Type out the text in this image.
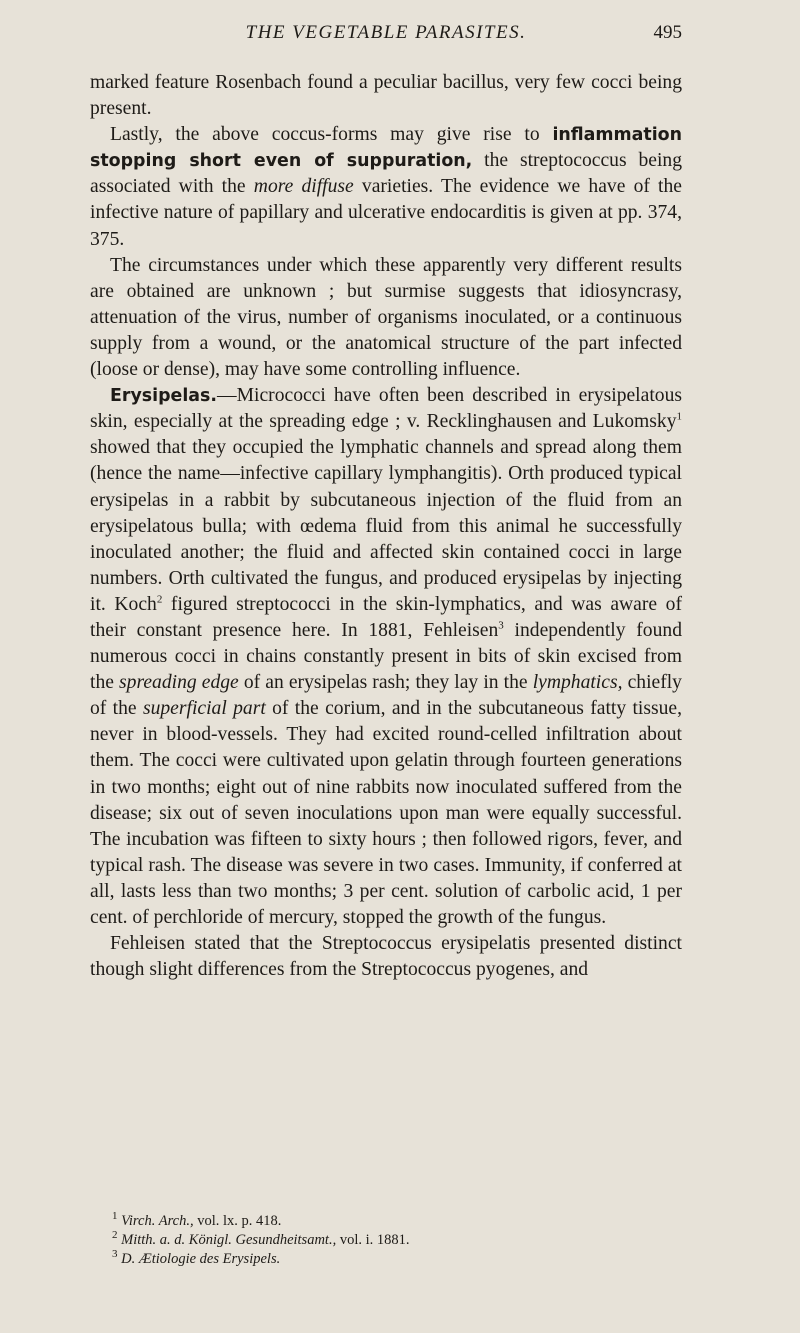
THE VEGETABLE PARASITES.	495

marked feature Rosenbach found a peculiar bacillus, very few cocci being present.

Lastly, the above coccus-forms may give rise to inflammation stopping short even of suppuration, the streptococcus being associated with the more diffuse varieties. The evidence we have of the infective nature of papillary and ulcerative endocarditis is given at pp. 374, 375.

The circumstances under which these apparently very different results are obtained are unknown ; but surmise suggests that idiosyncrasy, attenuation of the virus, number of organisms inoculated, or a continuous supply from a wound, or the anatomical structure of the part infected (loose or dense), may have some controlling influence.

Erysipelas.—Micrococci have often been described in erysipelatous skin, especially at the spreading edge ; v. Recklinghausen and Lukomsky$^1$ showed that they occupied the lymphatic channels and spread along them (hence the name—infective capillary lymphangitis). Orth produced typical erysipelas in a rabbit by subcutaneous injection of the fluid from an erysipelatous bulla; with œdema fluid from this animal he successfully inoculated another; the fluid and affected skin contained cocci in large numbers. Orth cultivated the fungus, and produced erysipelas by injecting it. Koch$^2$ figured streptococci in the skin-lymphatics, and was aware of their constant presence here. In 1881, Fehleisen$^3$ independently found numerous cocci in chains constantly present in bits of skin excised from the spreading edge of an erysipelas rash; they lay in the lymphatics, chiefly of the superficial part of the corium, and in the subcutaneous fatty tissue, never in blood-vessels. They had excited round-celled infiltration about them. The cocci were cultivated upon gelatin through fourteen generations in two months; eight out of nine rabbits now inoculated suffered from the disease; six out of seven inoculations upon man were equally successful. The incubation was fifteen to sixty hours ; then followed rigors, fever, and typical rash. The disease was severe in two cases. Immunity, if conferred at all, lasts less than two months; 3 per cent. solution of carbolic acid, 1 per cent. of perchloride of mercury, stopped the growth of the fungus.

Fehleisen stated that the Streptococcus erysipelatis presented distinct though slight differences from the Streptococcus pyogenes, and

$^1$ Virch. Arch., vol. lx. p. 418.
$^2$ Mitth. a. d. Königl. Gesundheitsamt., vol. i. 1881.
$^3$ D. Ætiologie des Erysipels.
